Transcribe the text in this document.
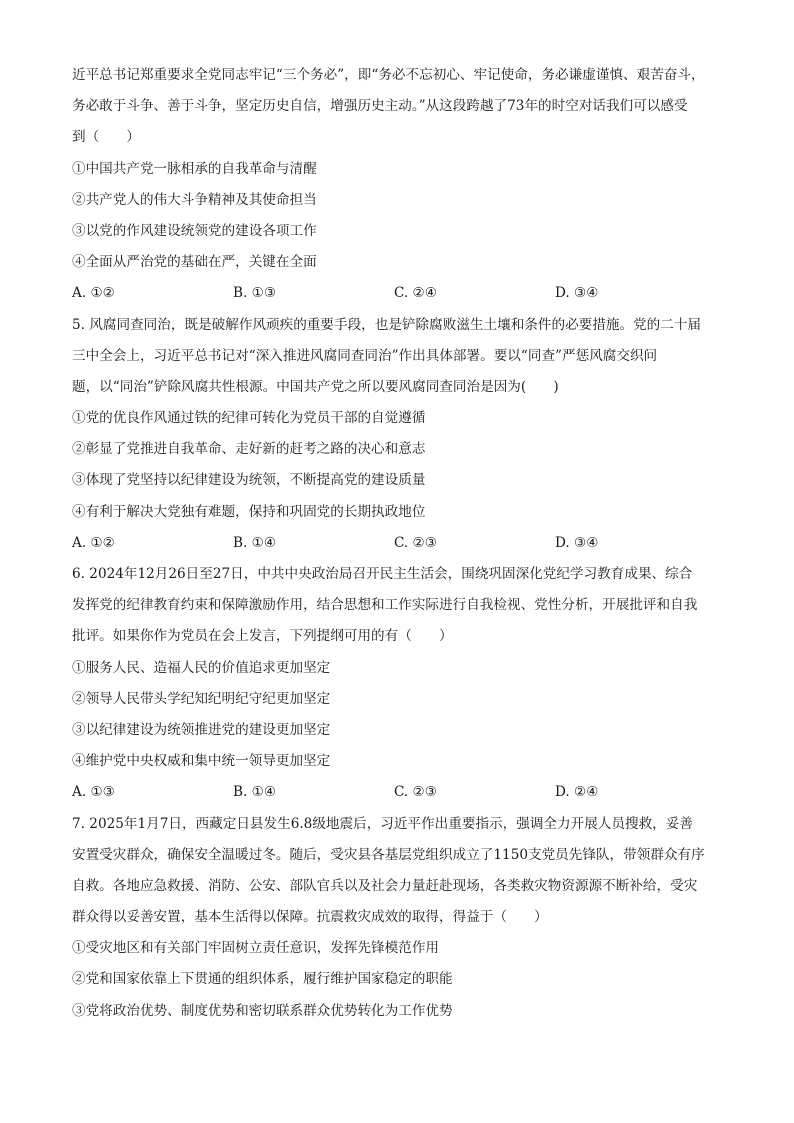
近平总书记郑重要求全党同志牢记“三个务必”，即“务必不忘初心、牢记使命，务必谦虚谨慎、艰苦奋斗，
务必敢于斗争、善于斗争，坚定历史自信，增强历史主动。”从这段跨越了73年的时空对话我们可以感受
到（　　）
①中国共产党一脉相承的自我革命与清醒
②共产党人的伟大斗争精神及其使命担当
③以党的作风建设统领党的建设各项工作
④全面从严治党的基础在严，关键在全面
A. ①②	B. ①③	C. ②④	D. ③④
5. 风腐同查同治，既是破解作风顽疾的重要手段，也是铲除腐败滋生土壤和条件的必要措施。党的二十届
三中全会上，习近平总书记对“深入推进风腐同查同治”作出具体部署。要以“同查”严惩风腐交织问
题，以“同治”铲除风腐共性根源。中国共产党之所以要风腐同查同治是因为(　　)
①党的优良作风通过铁的纪律可转化为党员干部的自觉遵循
②彰显了党推进自我革命、走好新的赶考之路的决心和意志
③体现了党坚持以纪律建设为统领，不断提高党的建设质量
④有利于解决大党独有难题，保持和巩固党的长期执政地位
A. ①②	B. ①④	C. ②③	D. ③④
6. 2024年12月26日至27日，中共中央政治局召开民主生活会，围绕巩固深化党纪学习教育成果、综合
发挥党的纪律教育约束和保障激励作用，结合思想和工作实际进行自我检视、党性分析，开展批评和自我
批评。如果你作为党员在会上发言，下列提纲可用的有（　　）
①服务人民、造福人民的价值追求更加坚定
②领导人民带头学纪知纪明纪守纪更加坚定
③以纪律建设为统领推进党的建设更加坚定
④维护党中央权威和集中统一领导更加坚定
A. ①③	B. ①④	C. ②③	D. ②④
7. 2025年1月7日，西藏定日县发生6.8级地震后，习近平作出重要指示，强调全力开展人员搜救，妥善
安置受灾群众，确保安全温暖过冬。随后，受灾县各基层党组织成立了1150支党员先锋队，带领群众有序
自救。各地应急救援、消防、公安、部队官兵以及社会力量赶赴现场，各类救灾物资源源不断补给，受灾
群众得以妥善安置，基本生活得以保障。抗震救灾成效的取得，得益于（　　）
①受灾地区和有关部门牢固树立责任意识，发挥先锋模范作用
②党和国家依靠上下贯通的组织体系，履行维护国家稳定的职能
③党将政治优势、制度优势和密切联系群众优势转化为工作优势
